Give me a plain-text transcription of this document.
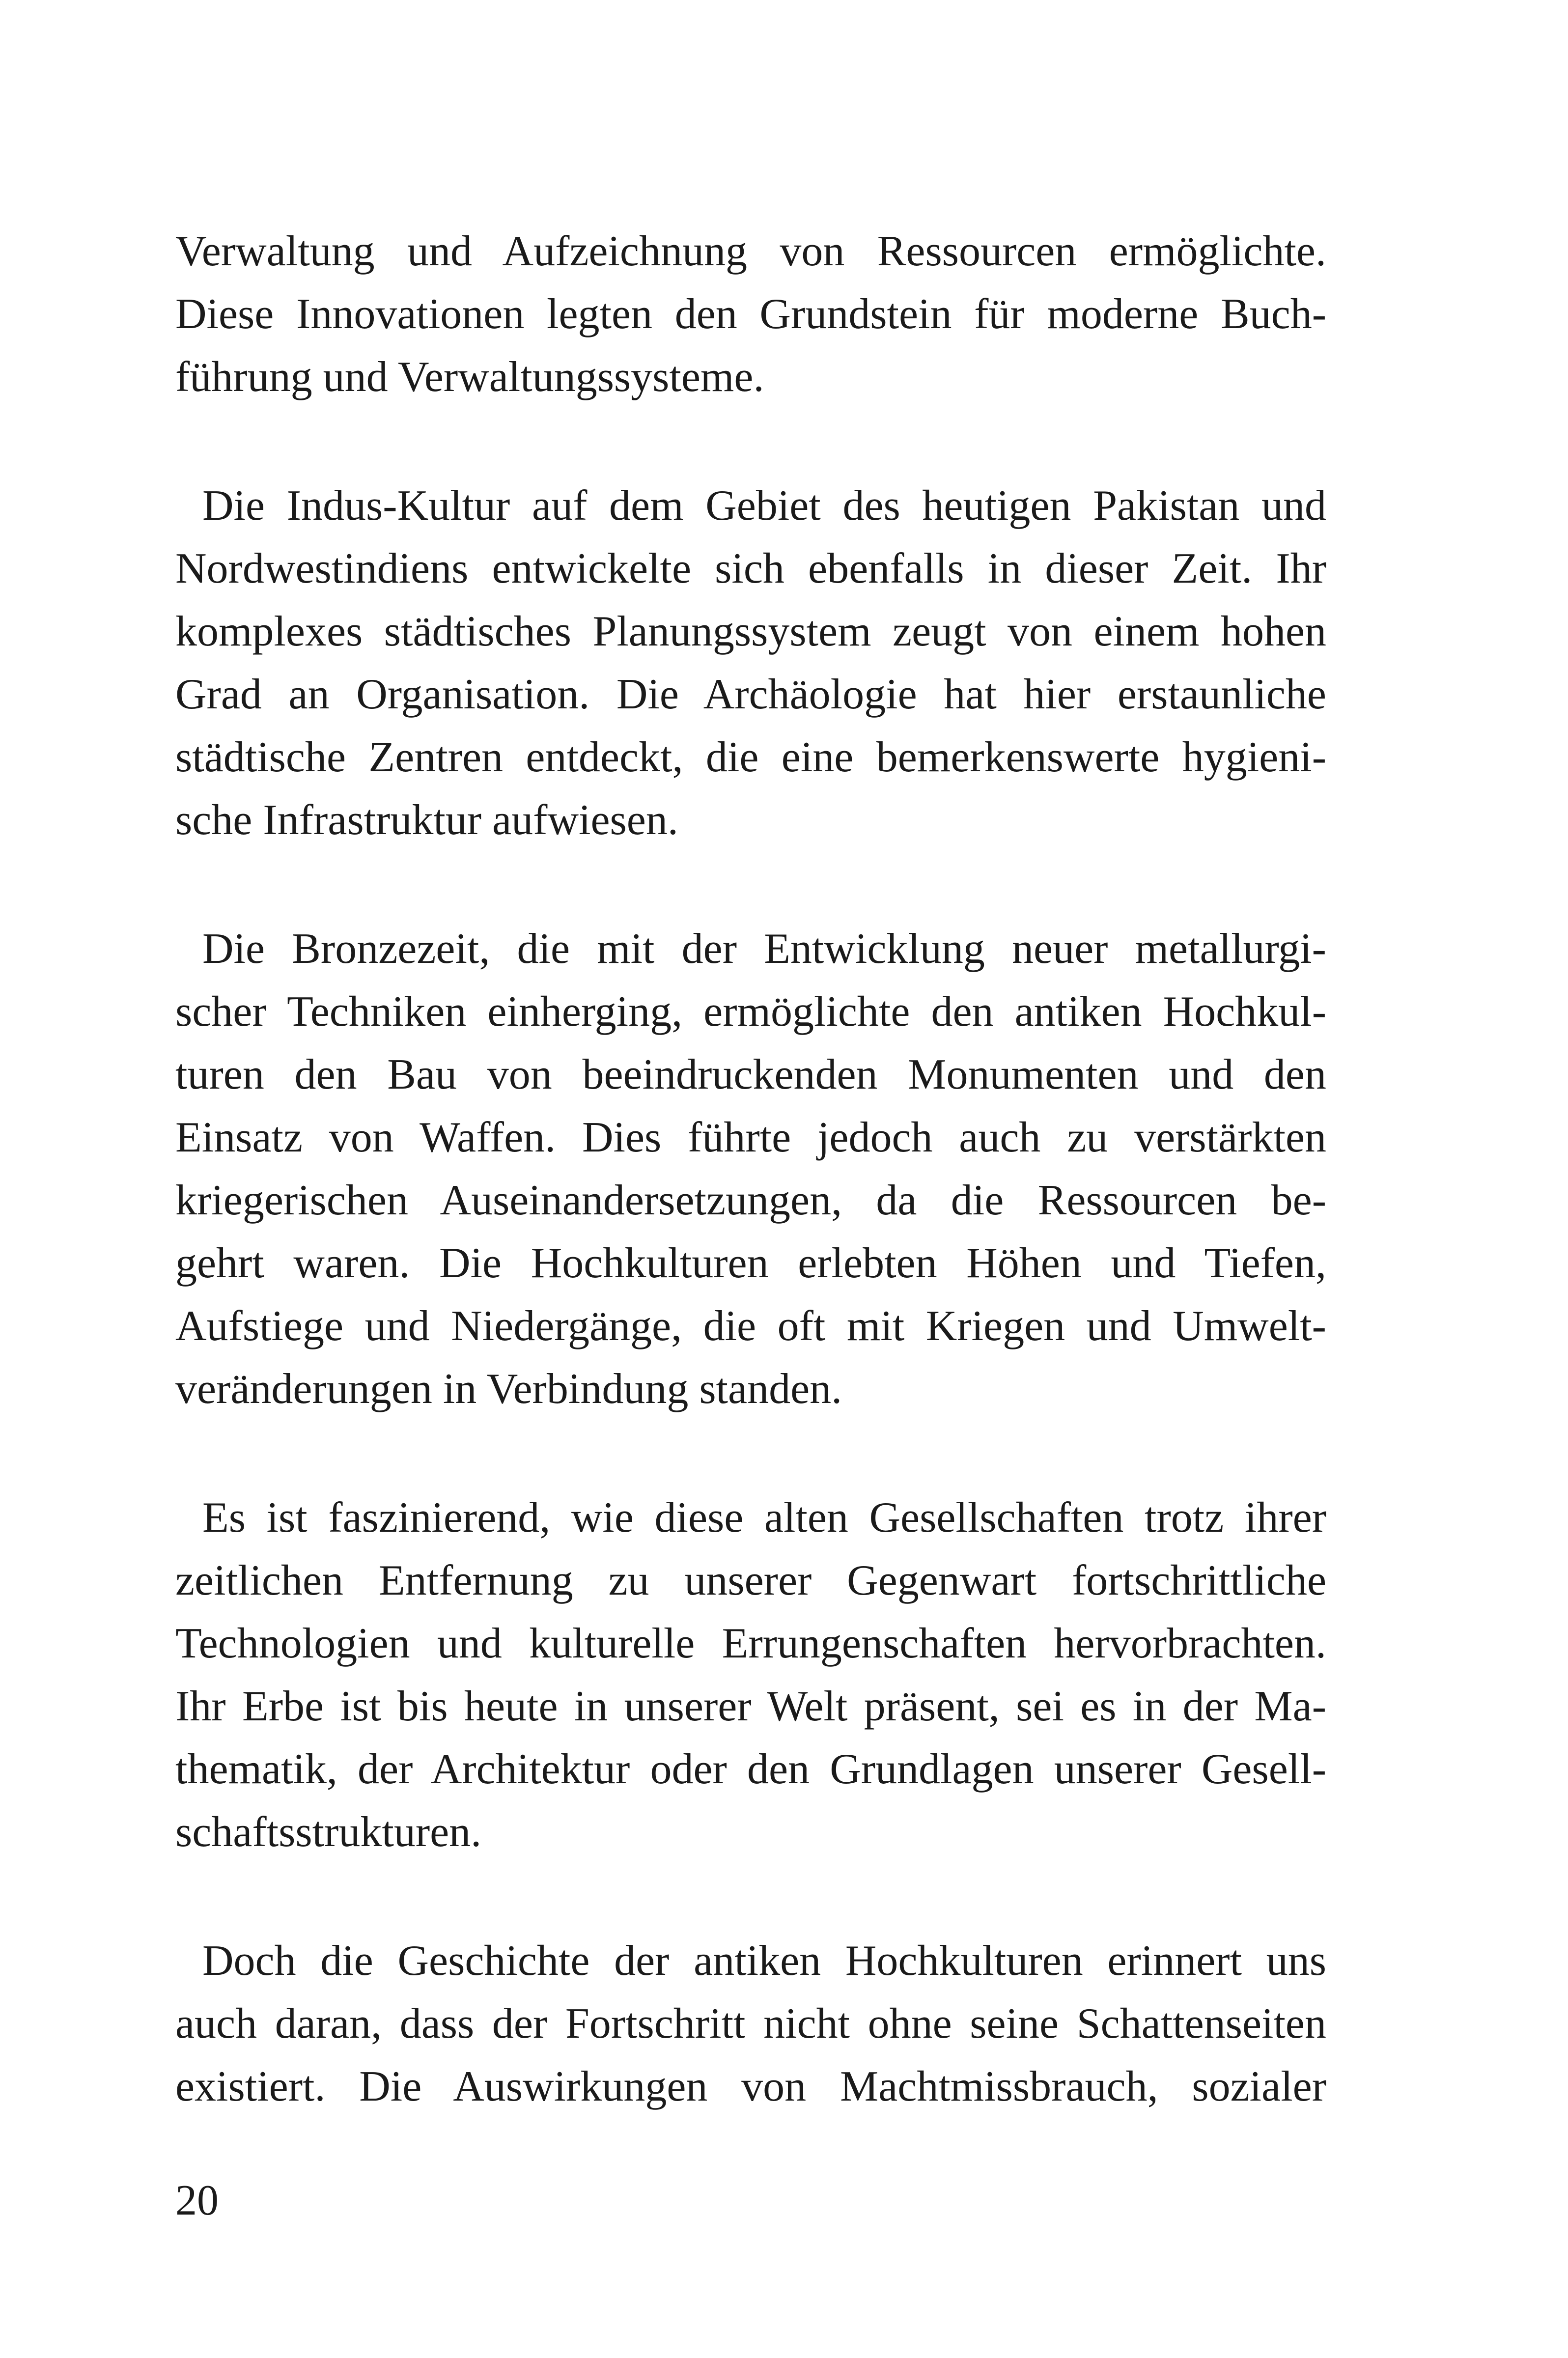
Verwaltung und Aufzeichnung von Ressourcen ermöglichte.
Diese Innovationen legten den Grundstein für moderne Buch-
führung und Verwaltungssysteme.
Die Indus-Kultur auf dem Gebiet des heutigen Pakistan und
Nordwestindiens entwickelte sich ebenfalls in dieser Zeit. Ihr
komplexes städtisches Planungssystem zeugt von einem hohen
Grad an Organisation. Die Archäologie hat hier erstaunliche
städtische Zentren entdeckt, die eine bemerkenswerte hygieni-
sche Infrastruktur aufwiesen.
Die Bronzezeit, die mit der Entwicklung neuer metallurgi-
scher Techniken einherging, ermöglichte den antiken Hochkul-
turen den Bau von beeindruckenden Monumenten und den
Einsatz von Waffen. Dies führte jedoch auch zu verstärkten
kriegerischen Auseinandersetzungen, da die Ressourcen be-
gehrt waren. Die Hochkulturen erlebten Höhen und Tiefen,
Aufstiege und Niedergänge, die oft mit Kriegen und Umwelt-
veränderungen in Verbindung standen.
Es ist faszinierend, wie diese alten Gesellschaften trotz ihrer
zeitlichen Entfernung zu unserer Gegenwart fortschrittliche
Technologien und kulturelle Errungenschaften hervorbrachten.
Ihr Erbe ist bis heute in unserer Welt präsent, sei es in der Ma-
thematik, der Architektur oder den Grundlagen unserer Gesell-
schaftsstrukturen.
Doch die Geschichte der antiken Hochkulturen erinnert uns
auch daran, dass der Fortschritt nicht ohne seine Schattenseiten
existiert. Die Auswirkungen von Machtmissbrauch, sozialer
20
